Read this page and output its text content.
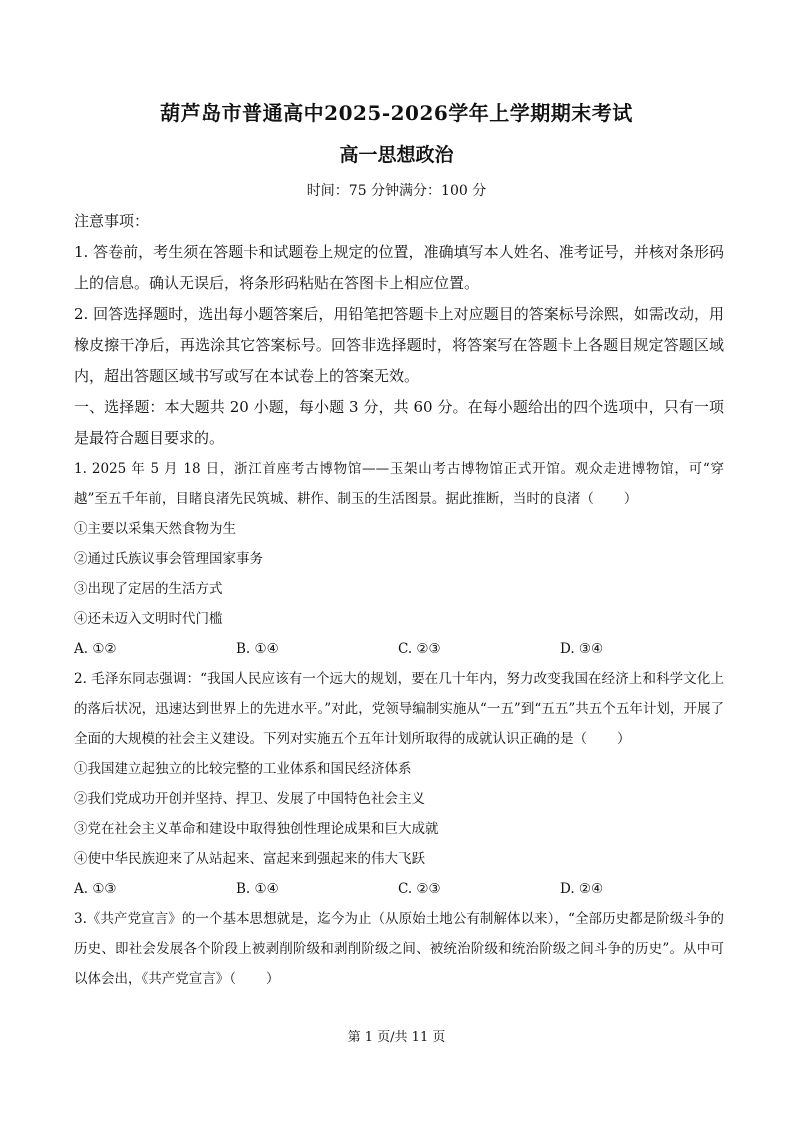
葫芦岛市普通高中2025-2026学年上学期期末考试
高一思想政治
时间：75 分钟满分：100 分

注意事项：

1. 答卷前，考生须在答题卡和试题卷上规定的位置，准确填写本人姓名、准考证号，并核对条形码上的信息。确认无误后，将条形码粘贴在答图卡上相应位置。

2. 回答选择题时，选出每小题答案后，用铅笔把答题卡上对应题目的答案标号涂熙，如需改动，用橡皮擦干净后，再选涂其它答案标号。回答非选择题时，将答案写在答题卡上各题目规定答题区域内，超出答题区域书写或写在本试卷上的答案无效。

一、选择题：本大题共 20 小题，每小题 3 分，共 60 分。在每小题给出的四个选项中，只有一项是最符合题目要求的。

1. 2025 年 5 月 18 日，浙江首座考古博物馆——玉架山考古博物馆正式开馆。观众走进博物馆，可“穿越”至五千年前，目睹良渚先民筑城、耕作、制玉的生活图景。据此推断，当时的良渚（ ）

①主要以采集天然食物为生

②通过氏族议事会管理国家事务

③出现了定居的生活方式

④还未迈入文明时代门槛

A. ①②	B. ①④	C. ②③	D. ③④

2. 毛泽东同志强调：“我国人民应该有一个远大的规划，要在几十年内，努力改变我国在经济上和科学文化上的落后状况，迅速达到世界上的先进水平。”对此，党领导编制实施从“一五”到“五五”共五个五年计划，开展了全面的大规模的社会主义建设。下列对实施五个五年计划所取得的成就认识正确的是（ ）

①我国建立起独立的比较完整的工业体系和国民经济体系

②我们党成功开创并坚持、捍卫、发展了中国特色社会主义

③党在社会主义革命和建设中取得独创性理论成果和巨大成就

④使中华民族迎来了从站起来、富起来到强起来的伟大飞跃

A. ①③	B. ①④	C. ②③	D. ②④

3.《共产党宣言》的一个基本思想就是，迄今为止（从原始土地公有制解体以来），“全部历史都是阶级斗争的历史、即社会发展各个阶段上被剥削阶级和剥削阶级之间、被统治阶级和统治阶级之间斗争的历史”。从中可以体会出，《共产党宣言》（ ）

第 1 页/共 11 页
